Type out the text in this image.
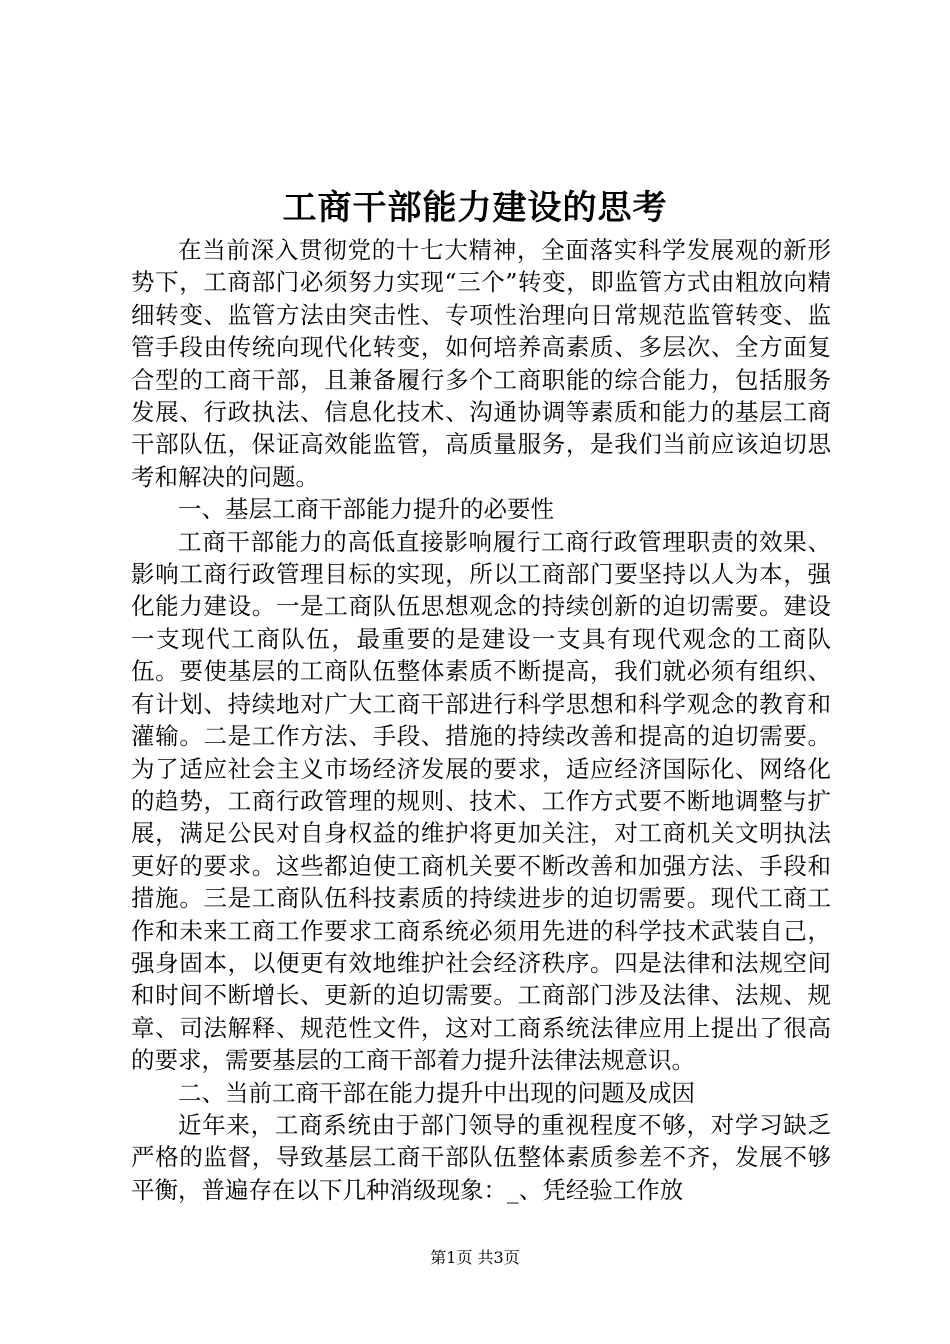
工商干部能力建设的思考

在当前深入贯彻党的十七大精神，全面落实科学发展观的新形势下，工商部门必须努力实现“三个”转变，即监管方式由粗放向精细转变、监管方法由突击性、专项性治理向日常规范监管转变、监管手段由传统向现代化转变，如何培养高素质、多层次、全方面复合型的工商干部，且兼备履行多个工商职能的综合能力，包括服务发展、行政执法、信息化技术、沟通协调等素质和能力的基层工商干部队伍，保证高效能监管，高质量服务，是我们当前应该迫切思考和解决的问题。

一、基层工商干部能力提升的必要性

工商干部能力的高低直接影响履行工商行政管理职责的效果、影响工商行政管理目标的实现，所以工商部门要坚持以人为本，强化能力建设。一是工商队伍思想观念的持续创新的迫切需要。建设一支现代工商队伍，最重要的是建设一支具有现代观念的工商队伍。要使基层的工商队伍整体素质不断提高，我们就必须有组织、有计划、持续地对广大工商干部进行科学思想和科学观念的教育和灌输。二是工作方法、手段、措施的持续改善和提高的迫切需要。为了适应社会主义市场经济发展的要求，适应经济国际化、网络化的趋势，工商行政管理的规则、技术、工作方式要不断地调整与扩展，满足公民对自身权益的维护将更加关注，对工商机关文明执法更好的要求。这些都迫使工商机关要不断改善和加强方法、手段和措施。三是工商队伍科技素质的持续进步的迫切需要。现代工商工作和未来工商工作要求工商系统必须用先进的科学技术武装自己，强身固本，以便更有效地维护社会经济秩序。四是法律和法规空间和时间不断增长、更新的迫切需要。工商部门涉及法律、法规、规章、司法解释、规范性文件，这对工商系统法律应用上提出了很高的要求，需要基层的工商干部着力提升法律法规意识。

二、当前工商干部在能力提升中出现的问题及成因

近年来，工商系统由于部门领导的重视程度不够，对学习缺乏严格的监督，导致基层工商干部队伍整体素质参差不齐，发展不够平衡，普遍存在以下几种消级现象：_、凭经验工作放

第1页 共3页
